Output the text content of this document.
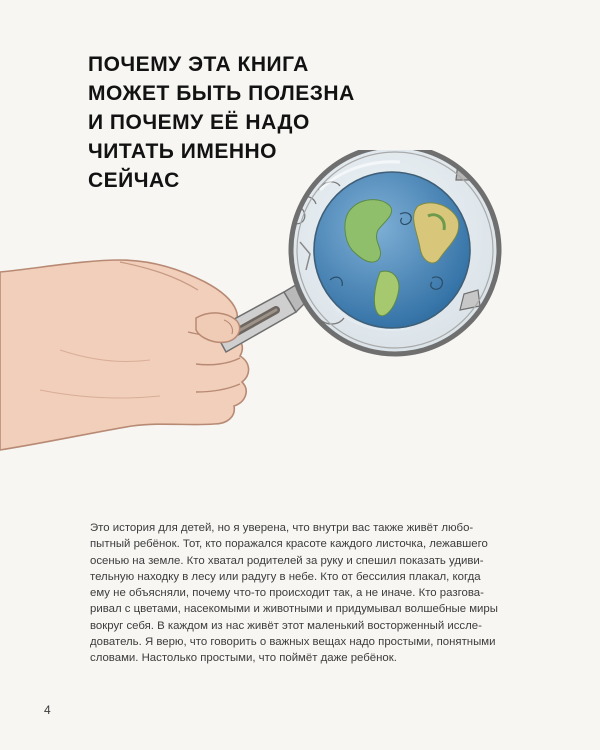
ПОЧЕМУ ЭТА КНИГА
МОЖЕТ БЫТЬ ПОЛЕЗНА
И ПОЧЕМУ ЕЁ НАДО
ЧИТАТЬ ИМЕННО
СЕЙЧАС

Это история для детей, но я уверена, что внутри вас также живёт любо-
пытный ребёнок. Тот, кто поражался красоте каждого листочка, лежавшего
осенью на земле. Кто хватал родителей за руку и спешил показать удиви-
тельную находку в лесу или радугу в небе. Кто от бессилия плакал, когда
ему не объясняли, почему что-то происходит так, а не иначе. Кто разгова-
ривал с цветами, насекомыми и животными и придумывал волшебные миры
вокруг себя. В каждом из нас живёт этот маленький восторженный иссле-
дователь. Я верю, что говорить о важных вещах надо простыми, понятными
словами. Настолько простыми, что поймёт даже ребёнок.

4
